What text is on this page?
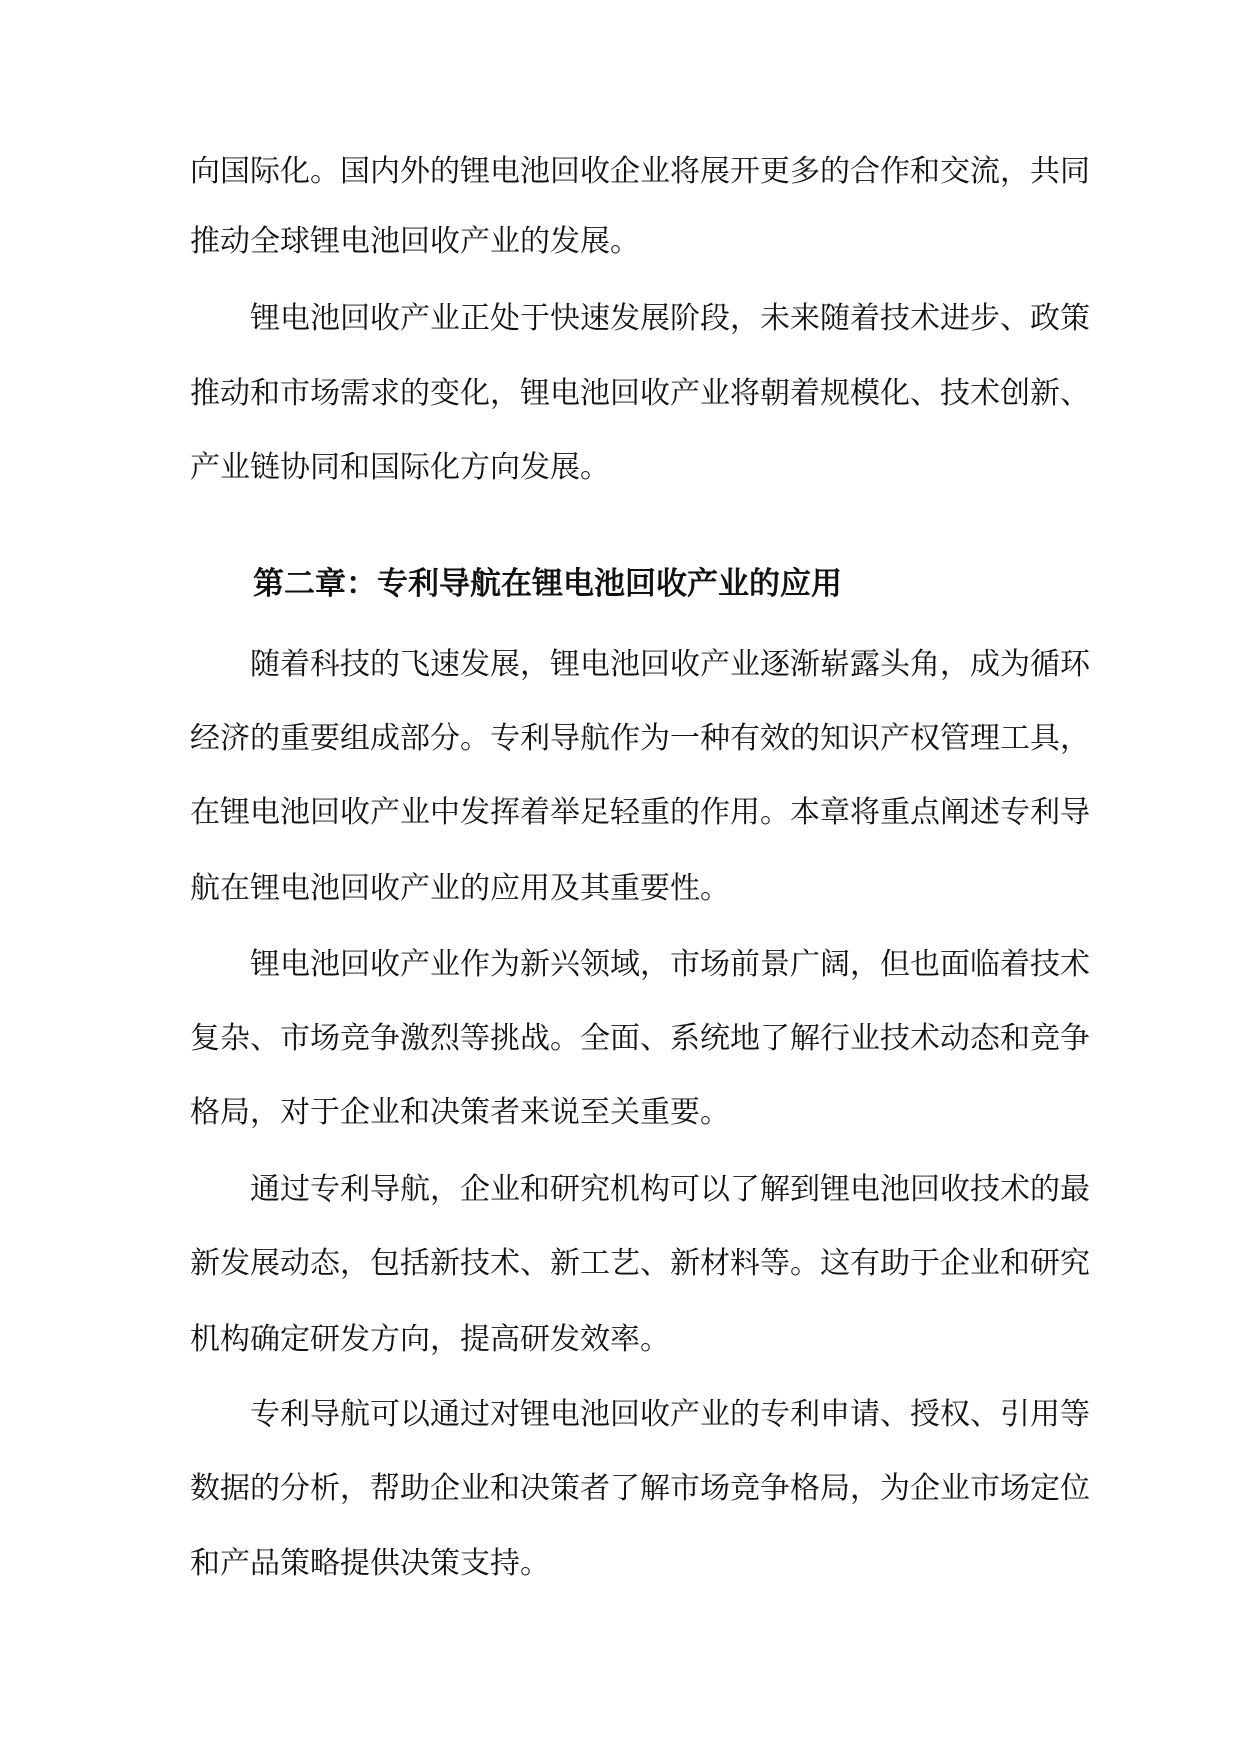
向国际化。国内外的锂电池回收企业将展开更多的合作和交流，共同
推动全球锂电池回收产业的发展。
锂电池回收产业正处于快速发展阶段，未来随着技术进步、政策
推动和市场需求的变化，锂电池回收产业将朝着规模化、技术创新、
产业链协同和国际化方向发展。
第二章：专利导航在锂电池回收产业的应用
随着科技的飞速发展，锂电池回收产业逐渐崭露头角，成为循环
经济的重要组成部分。专利导航作为一种有效的知识产权管理工具，
在锂电池回收产业中发挥着举足轻重的作用。本章将重点阐述专利导
航在锂电池回收产业的应用及其重要性。
锂电池回收产业作为新兴领域，市场前景广阔，但也面临着技术
复杂、市场竞争激烈等挑战。全面、系统地了解行业技术动态和竞争
格局，对于企业和决策者来说至关重要。
通过专利导航，企业和研究机构可以了解到锂电池回收技术的最
新发展动态，包括新技术、新工艺、新材料等。这有助于企业和研究
机构确定研发方向，提高研发效率。
专利导航可以通过对锂电池回收产业的专利申请、授权、引用等
数据的分析，帮助企业和决策者了解市场竞争格局，为企业市场定位
和产品策略提供决策支持。
